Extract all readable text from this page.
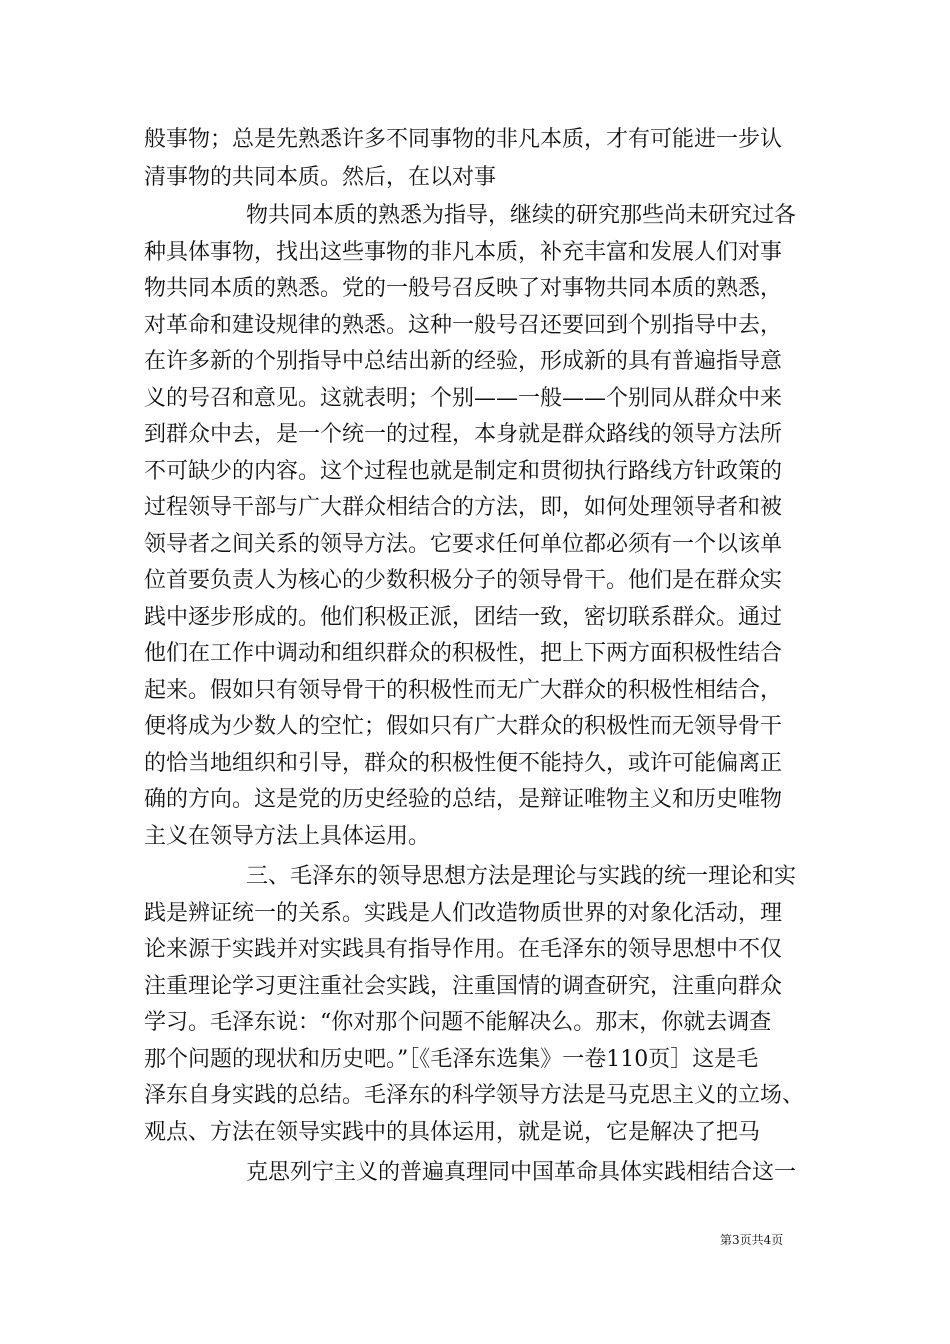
般事物；总是先熟悉许多不同事物的非凡本质，才有可能进一步认
清事物的共同本质。然后，在以对事
物共同本质的熟悉为指导，继续的研究那些尚未研究过各
种具体事物，找出这些事物的非凡本质，补充丰富和发展人们对事
物共同本质的熟悉。党的一般号召反映了对事物共同本质的熟悉，
对革命和建设规律的熟悉。这种一般号召还要回到个别指导中去，
在许多新的个别指导中总结出新的经验，形成新的具有普遍指导意
义的号召和意见。这就表明；个别——一般——个别同从群众中来
到群众中去，是一个统一的过程，本身就是群众路线的领导方法所
不可缺少的内容。这个过程也就是制定和贯彻执行路线方针政策的
过程领导干部与广大群众相结合的方法，即，如何处理领导者和被
领导者之间关系的领导方法。它要求任何单位都必须有一个以该单
位首要负责人为核心的少数积极分子的领导骨干。他们是在群众实
践中逐步形成的。他们积极正派，团结一致，密切联系群众。通过
他们在工作中调动和组织群众的积极性，把上下两方面积极性结合
起来。假如只有领导骨干的积极性而无广大群众的积极性相结合，
便将成为少数人的空忙；假如只有广大群众的积极性而无领导骨干
的恰当地组织和引导，群众的积极性便不能持久，或许可能偏离正
确的方向。这是党的历史经验的总结，是辩证唯物主义和历史唯物
主义在领导方法上具体运用。
三、毛泽东的领导思想方法是理论与实践的统一理论和实
践是辨证统一的关系。实践是人们改造物质世界的对象化活动，理
论来源于实践并对实践具有指导作用。在毛泽东的领导思想中不仅
注重理论学习更注重社会实践，注重国情的调查研究，注重向群众
学习。毛泽东说：“你对那个问题不能解决么。那末，你就去调查
那个问题的现状和历史吧。”［《毛泽东选集》一卷110页］这是毛
泽东自身实践的总结。毛泽东的科学领导方法是马克思主义的立场、
观点、方法在领导实践中的具体运用，就是说，它是解决了把马
克思列宁主义的普遍真理同中国革命具体实践相结合这一
第3页共4页
